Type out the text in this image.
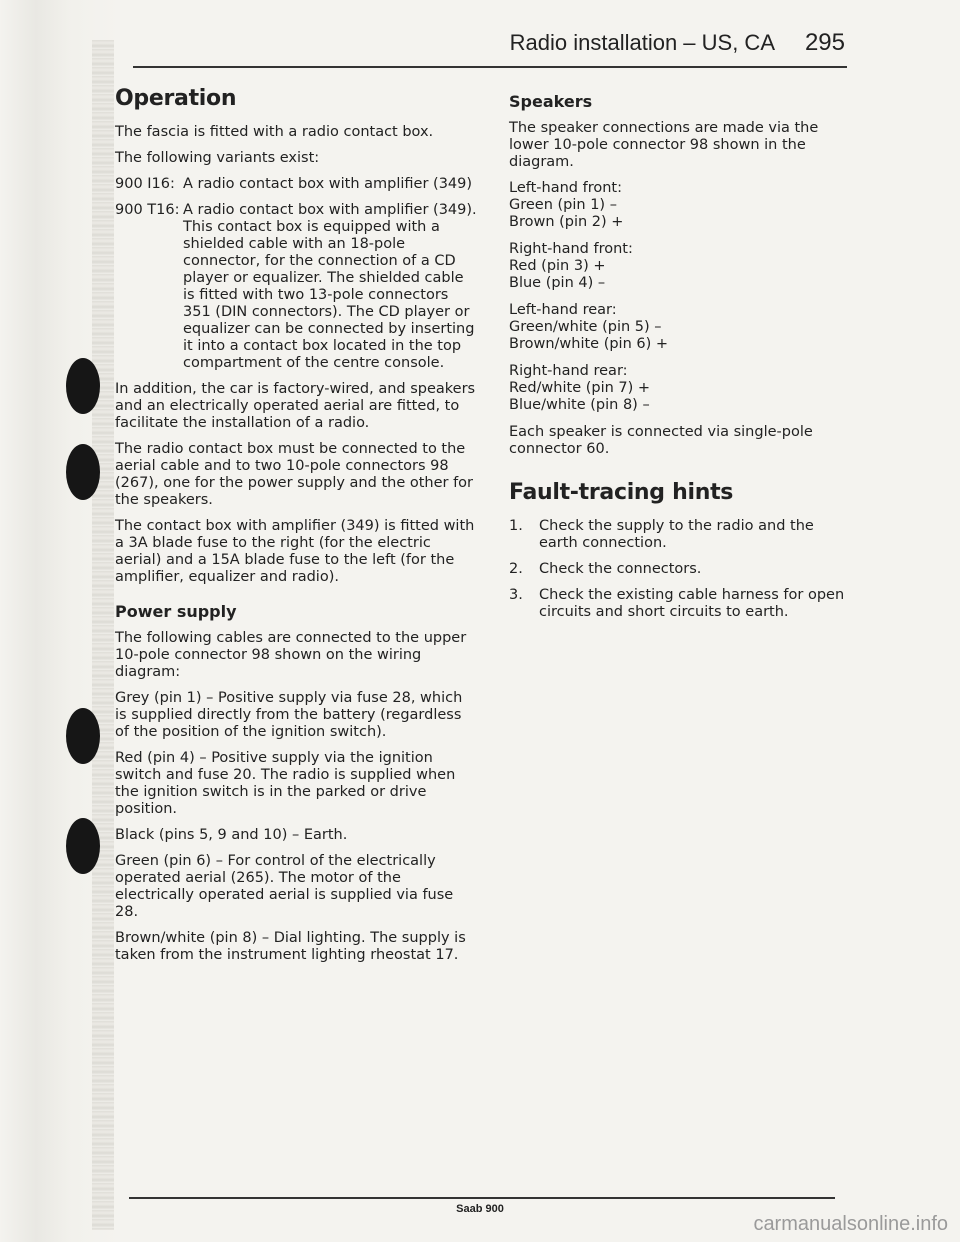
Radio installation – US, CA 295
Operation

The fascia is fitted with a radio contact box.

The following variants exist:

900 I16: A radio contact box with amplifier (349)
900 T16: A radio contact box with amplifier (349). This contact box is equipped with a shielded cable with an 18-pole connector, for the connection of a CD player or equalizer. The shielded cable is fitted with two 13-pole connectors 351 (DIN connectors). The CD player or equalizer can be connected by inserting it into a contact box located in the top compartment of the centre console.

In addition, the car is factory-wired, and speakers and an electrically operated aerial are fitted, to facilitate the installation of a radio.

The radio contact box must be connected to the aerial cable and to two 10-pole connectors 98 (267), one for the power supply and the other for the speakers.

The contact box with amplifier (349) is fitted with a 3A blade fuse to the right (for the electric aerial) and a 15A blade fuse to the left (for the amplifier, equalizer and radio).

Power supply

The following cables are connected to the upper 10-pole connector 98 shown on the wiring diagram:

Grey (pin 1) – Positive supply via fuse 28, which is supplied directly from the battery (regardless of the position of the ignition switch).

Red (pin 4) – Positive supply via the ignition switch and fuse 20. The radio is supplied when the ignition switch is in the parked or drive position.

Black (pins 5, 9 and 10) – Earth.

Green (pin 6) – For control of the electrically operated aerial (265). The motor of the electrically operated aerial is supplied via fuse 28.

Brown/white (pin 8) – Dial lighting. The supply is taken from the instrument lighting rheostat 17.

Speakers

The speaker connections are made via the lower 10-pole connector 98 shown in the diagram.

Left-hand front:
Green (pin 1) –
Brown (pin 2) +
Right-hand front:
Red (pin 3) +
Blue (pin 4) –
Left-hand rear:
Green/white (pin 5) –
Brown/white (pin 6) +
Right-hand rear:
Red/white (pin 7) +
Blue/white (pin 8) –

Each speaker is connected via single-pole connector 60.

Fault-tracing hints
1.	Check the supply to the radio and the earth connection.
2.	Check the connectors.
3.	Check the existing cable harness for open circuits and short circuits to earth.
Saab 900
carmanualsonline.info
